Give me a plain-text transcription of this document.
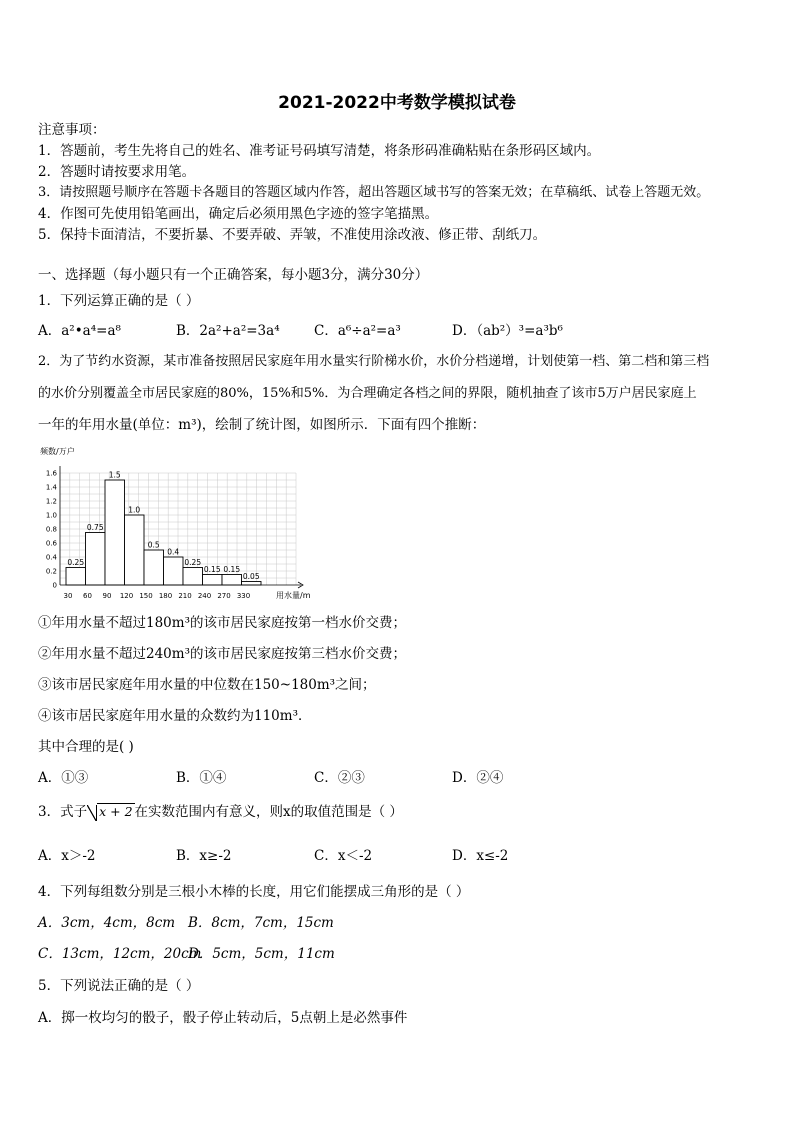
2021-2022中考数学模拟试卷
注意事项：
1．答题前，考生先将自己的姓名、准考证号码填写清楚，将条形码准确粘贴在条形码区域内。
2．答题时请按要求用笔。
3．请按照题号顺序在答题卡各题目的答题区域内作答，超出答题区域书写的答案无效；在草稿纸、试卷上答题无效。
4．作图可先使用铅笔画出，确定后必须用黑色字迹的签字笔描黑。
5．保持卡面清洁，不要折暴、不要弄破、弄皱，不准使用涂改液、修正带、刮纸刀。
一、选择题（每小题只有一个正确答案，每小题3分，满分30分）
1．下列运算正确的是（ ）
A．a²•a⁴=a⁸	B．2a²+a²=3a⁴	C．a⁶÷a²=a³	D．（ab²）³=a³b⁶
2．为了节约水资源，某市准备按照居民家庭年用水量实行阶梯水价，水价分档递增，计划使第一档、第二档和第三档
的水价分别覆盖全市居民家庭的80%，15%和5%．为合理确定各档之间的界限，随机抽查了该市5万户居民家庭上
一年的年用水量(单位：m³)，绘制了统计图，如图所示．下面有四个推断：
频数/万户
0
0.2
0.4
0.6
0.8
1.0
1.2
1.4
1.6
30 60 90 120 150 180 210 240 270 330
0.25
0.75
1.5
1.0
0.5
0.4
0.25
0.15 0.15
0.05
用水量/m
①年用水量不超过180m³的该市居民家庭按第一档水价交费；
②年用水量不超过240m³的该市居民家庭按第三档水价交费；
③该市居民家庭年用水量的中位数在150~180m³之间；
④该市居民家庭年用水量的众数约为110m³．
其中合理的是( )
A．①③	B．①④	C．②③	D．②④
3．式子 x + 2 在实数范围内有意义，则x的取值范围是（ ）
A．x＞-2	B．x≥-2	C．x＜-2	D．x≤-2
4．下列每组数分别是三根小木棒的长度，用它们能摆成三角形的是（ ）
A．3cm，4cm，8cm B．8cm，7cm，15cm
C．13cm，12cm，20cm
D．5cm，5cm，11cm
5．下列说法正确的是（ ）
A．掷一枚均匀的骰子，骰子停止转动后，5点朝上是必然事件
